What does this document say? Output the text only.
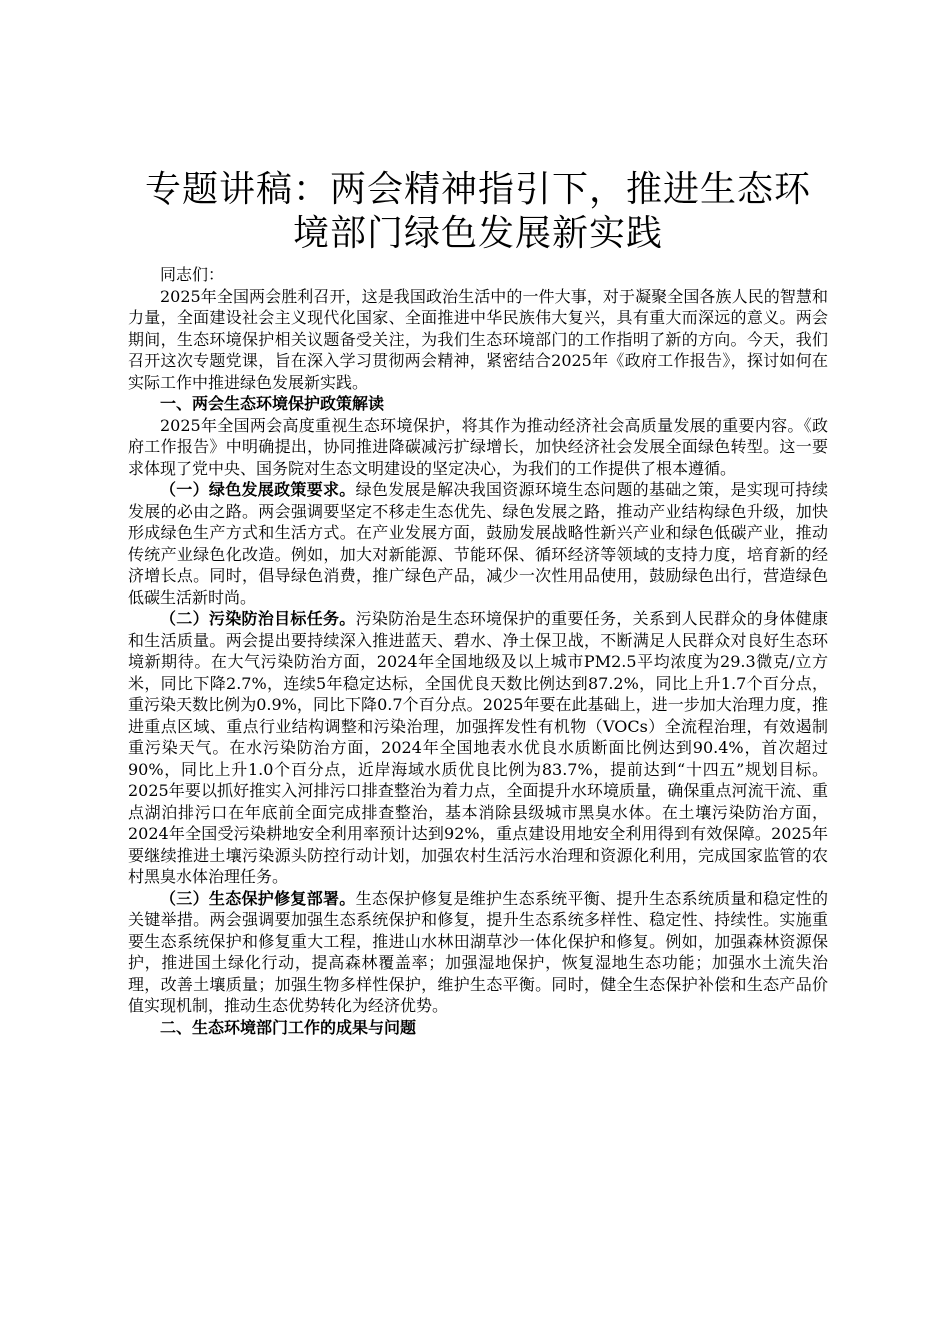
专题讲稿：两会精神指引下，推进生态环境部门绿色发展新实践

同志们：

2025年全国两会胜利召开，这是我国政治生活中的一件大事，对于凝聚全国各族人民的智慧和力量，全面建设社会主义现代化国家、全面推进中华民族伟大复兴，具有重大而深远的意义。两会期间，生态环境保护相关议题备受关注，为我们生态环境部门的工作指明了新的方向。今天，我们召开这次专题党课，旨在深入学习贯彻两会精神，紧密结合2025年《政府工作报告》，探讨如何在实际工作中推进绿色发展新实践。

一、两会生态环境保护政策解读

2025年全国两会高度重视生态环境保护，将其作为推动经济社会高质量发展的重要内容。《政府工作报告》中明确提出，协同推进降碳减污扩绿增长，加快经济社会发展全面绿色转型。这一要求体现了党中央、国务院对生态文明建设的坚定决心，为我们的工作提供了根本遵循。

（一）绿色发展政策要求。绿色发展是解决我国资源环境生态问题的基础之策，是实现可持续发展的必由之路。两会强调要坚定不移走生态优先、绿色发展之路，推动产业结构绿色升级，加快形成绿色生产方式和生活方式。在产业发展方面，鼓励发展战略性新兴产业和绿色低碳产业，推动传统产业绿色化改造。例如，加大对新能源、节能环保、循环经济等领域的支持力度，培育新的经济增长点。同时，倡导绿色消费，推广绿色产品，减少一次性用品使用，鼓励绿色出行，营造绿色低碳生活新时尚。

（二）污染防治目标任务。污染防治是生态环境保护的重要任务，关系到人民群众的身体健康和生活质量。两会提出要持续深入推进蓝天、碧水、净土保卫战，不断满足人民群众对良好生态环境新期待。在大气污染防治方面，2024年全国地级及以上城市PM2.5平均浓度为29.3微克/立方米，同比下降2.7%，连续5年稳定达标，全国优良天数比例达到87.2%，同比上升1.7个百分点，重污染天数比例为0.9%，同比下降0.7个百分点。2025年要在此基础上，进一步加大治理力度，推进重点区域、重点行业结构调整和污染治理，加强挥发性有机物（VOCs）全流程治理，有效遏制重污染天气。在水污染防治方面，2024年全国地表水优良水质断面比例达到90.4%，首次超过90%，同比上升1.0个百分点，近岸海域水质优良比例为83.7%，提前达到“十四五”规划目标。2025年要以抓好推实入河排污口排查整治为着力点，全面提升水环境质量，确保重点河流干流、重点湖泊排污口在年底前全面完成排查整治，基本消除县级城市黑臭水体。在土壤污染防治方面，2024年全国受污染耕地安全利用率预计达到92%，重点建设用地安全利用得到有效保障。2025年要继续推进土壤污染源头防控行动计划，加强农村生活污水治理和资源化利用，完成国家监管的农村黑臭水体治理任务。

（三）生态保护修复部署。生态保护修复是维护生态系统平衡、提升生态系统质量和稳定性的关键举措。两会强调要加强生态系统保护和修复，提升生态系统多样性、稳定性、持续性。实施重要生态系统保护和修复重大工程，推进山水林田湖草沙一体化保护和修复。例如，加强森林资源保护，推进国土绿化行动，提高森林覆盖率；加强湿地保护，恢复湿地生态功能；加强水土流失治理，改善土壤质量；加强生物多样性保护，维护生态平衡。同时，健全生态保护补偿和生态产品价值实现机制，推动生态优势转化为经济优势。

二、生态环境部门工作的成果与问题
